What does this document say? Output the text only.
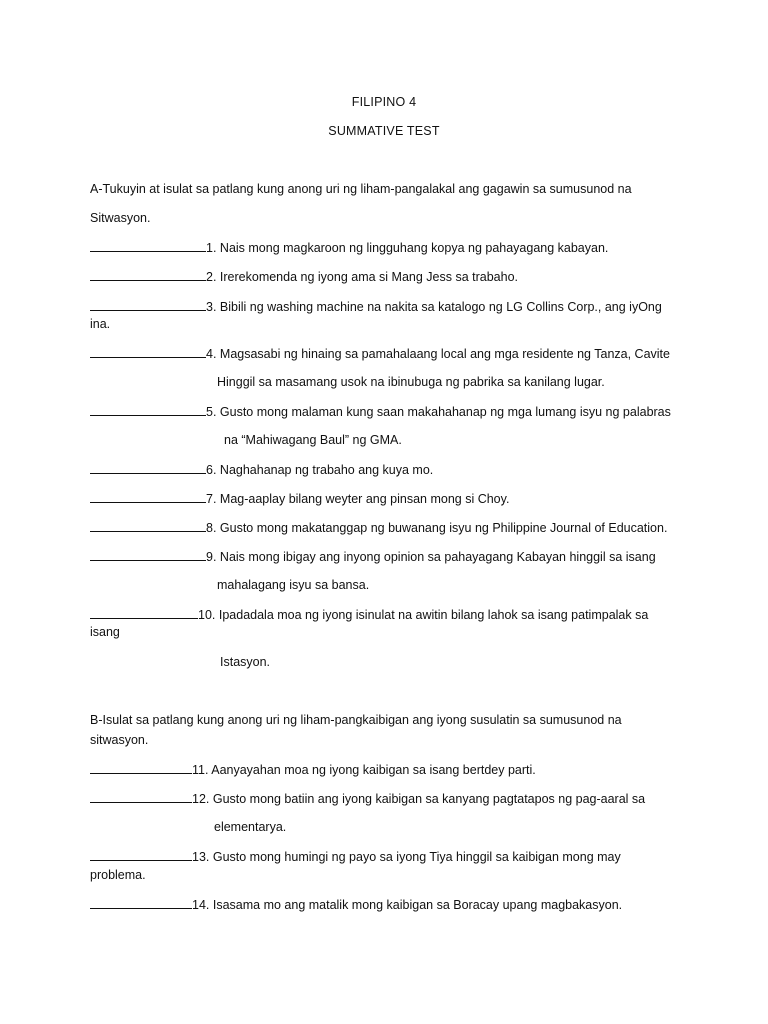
FILIPINO 4
SUMMATIVE TEST
A-Tukuyin at isulat sa patlang kung anong uri ng liham-pangalakal ang gagawin sa sumusunod na
Sitwasyon.
1. Nais mong magkaroon ng lingguhang kopya ng pahayagang kabayan.
2. Irerekomenda ng iyong ama si Mang Jess sa trabaho.
3. Bibili ng washing machine na nakita sa katalogo ng LG Collins Corp., ang iyOng
ina.
4. Magsasabi ng hinaing sa pamahalaang local ang mga residente ng Tanza, Cavite
Hinggil sa masamang usok na ibinubuga ng pabrika sa kanilang lugar.
5. Gusto mong malaman kung saan makahahanap ng mga lumang isyu ng palabras
na “Mahiwagang Baul” ng GMA.
6. Naghahanap ng trabaho ang kuya mo.
7. Mag-aaplay bilang weyter ang pinsan mong si Choy.
8. Gusto mong makatanggap ng buwanang isyu ng Philippine Journal of Education.
9. Nais mong ibigay ang inyong opinion sa pahayagang Kabayan hinggil sa isang
mahalagang isyu sa bansa.
10. Ipadadala moa ng iyong isinulat na awitin bilang lahok sa isang patimpalak sa
isang
Istasyon.
B-Isulat sa patlang kung anong uri ng liham-pangkaibigan ang iyong susulatin sa sumusunod na
sitwasyon.
11. Aanyayahan moa ng iyong kaibigan sa isang bertdey parti.
12. Gusto mong batiin ang iyong kaibigan sa kanyang pagtatapos ng pag-aaral sa
elementarya.
13. Gusto mong humingi ng payo sa iyong Tiya hinggil sa kaibigan mong may
problema.
14. Isasama mo ang matalik mong kaibigan sa Boracay upang magbakasyon.
